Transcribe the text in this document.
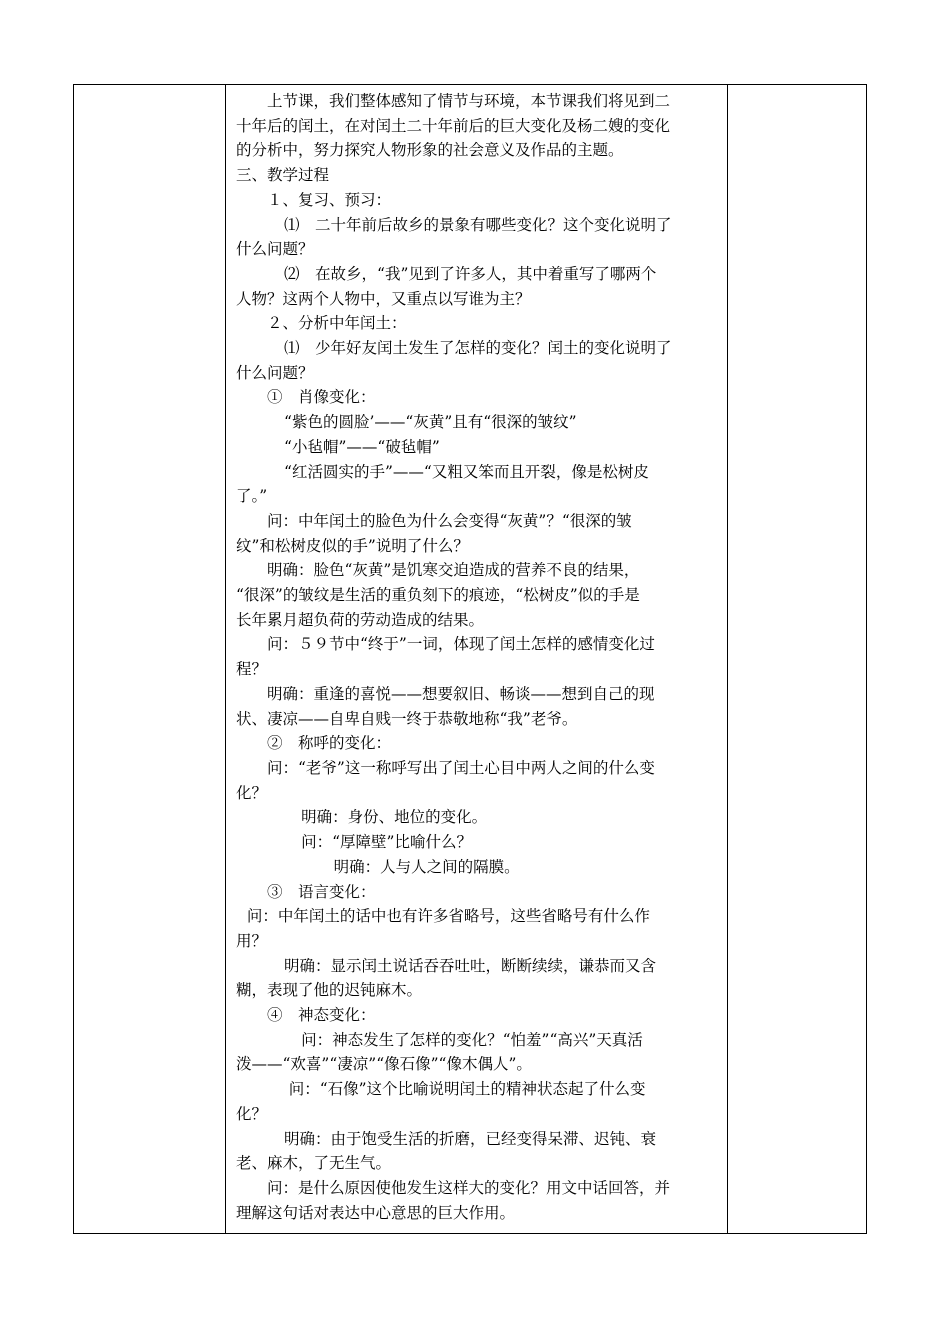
上节课，我们整体感知了情节与环境，本节课我们将见到二

十年后的闰土，在对闰土二十年前后的巨大变化及杨二嫂的变化

的分析中，努力探究人物形象的社会意义及作品的主题。

三、教学过程

１、复习、预习：

⑴　二十年前后故乡的景象有哪些变化？这个变化说明了

什么问题？

⑵　在故乡，“我”见到了许多人，其中着重写了哪两个

人物？这两个人物中，又重点以写谁为主？

２、分析中年闰土：

⑴　少年好友闰土发生了怎样的变化？闰土的变化说明了

什么问题？

①　肖像变化：

“紫色的圆脸’——“灰黄”且有“很深的皱纹”

“小毡帽”——“破毡帽”

“红活圆实的手”——“又粗又笨而且开裂，像是松树皮

了。”

问：中年闰土的脸色为什么会变得“灰黄”？“很深的皱

纹”和松树皮似的手”说明了什么？

明确：脸色“灰黄”是饥寒交迫造成的营养不良的结果，

“很深”的皱纹是生活的重负刻下的痕迹，“松树皮”似的手是

长年累月超负荷的劳动造成的结果。

问：５９节中“终于”一词，体现了闰土怎样的感情变化过

程？

明确：重逢的喜悦——想要叙旧、畅谈——想到自己的现

状、凄凉——自卑自贱一终于恭敬地称“我”老爷。

②　称呼的变化：

问：“老爷”这一称呼写出了闰土心目中两人之间的什么变

化？

明确：身份、地位的变化。

问：“厚障壁”比喻什么？

明确：人与人之间的隔膜。

③　语言变化：

问：中年闰土的话中也有许多省略号，这些省略号有什么作

用？

明确：显示闰土说话吞吞吐吐，断断续续，谦恭而又含

糊，表现了他的迟钝麻木。

④　神态变化：

问：神态发生了怎样的变化？“怕羞”“高兴”天真活

泼——“欢喜”“凄凉”“像石像”“像木偶人”。

问：“石像”这个比喻说明闰土的精神状态起了什么变

化？

明确：由于饱受生活的折磨，已经变得呆滞、迟钝、衰

老、麻木，了无生气。

问：是什么原因使他发生这样大的变化？用文中话回答，并

理解这句话对表达中心意思的巨大作用。
